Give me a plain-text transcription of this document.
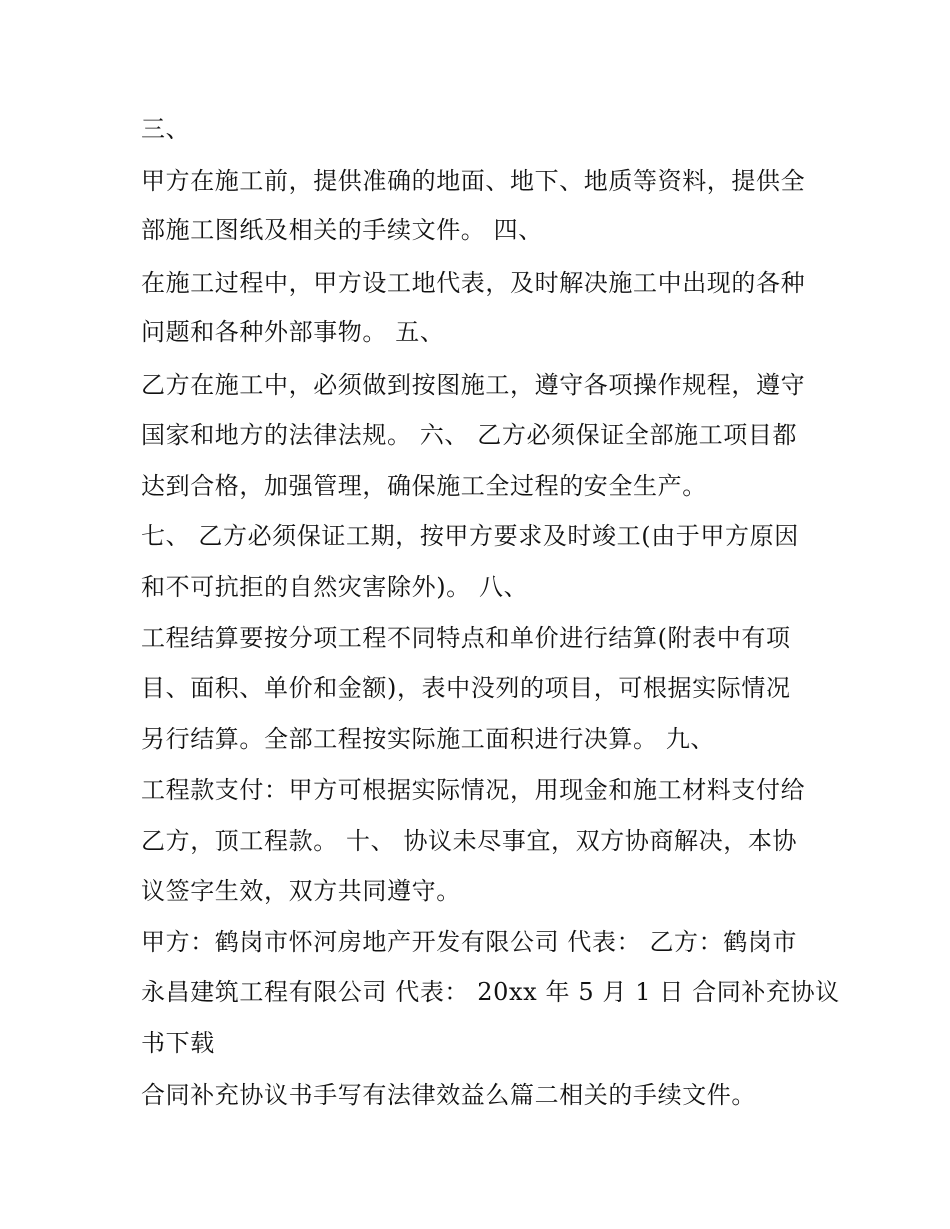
三、
甲方在施工前，提供准确的地面、地下、地质等资料，提供全
部施工图纸及相关的手续文件。 四、
在施工过程中，甲方设工地代表，及时解决施工中出现的各种
问题和各种外部事物。 五、
乙方在施工中，必须做到按图施工，遵守各项操作规程，遵守
国家和地方的法律法规。 六、 乙方必须保证全部施工项目都
达到合格，加强管理，确保施工全过程的安全生产。
七、 乙方必须保证工期，按甲方要求及时竣工(由于甲方原因
和不可抗拒的自然灾害除外)。 八、
工程结算要按分项工程不同特点和单价进行结算(附表中有项
目、面积、单价和金额)，表中没列的项目，可根据实际情况
另行结算。全部工程按实际施工面积进行决算。 九、
工程款支付：甲方可根据实际情况，用现金和施工材料支付给
乙方，顶工程款。 十、 协议未尽事宜，双方协商解决，本协
议签字生效，双方共同遵守。
甲方：鹤岗市怀河房地产开发有限公司 代表： 乙方：鹤岗市
永昌建筑工程有限公司 代表： 20xx 年 5 月 1 日 合同补充协议
书下载
合同补充协议书手写有法律效益么篇二相关的手续文件。
